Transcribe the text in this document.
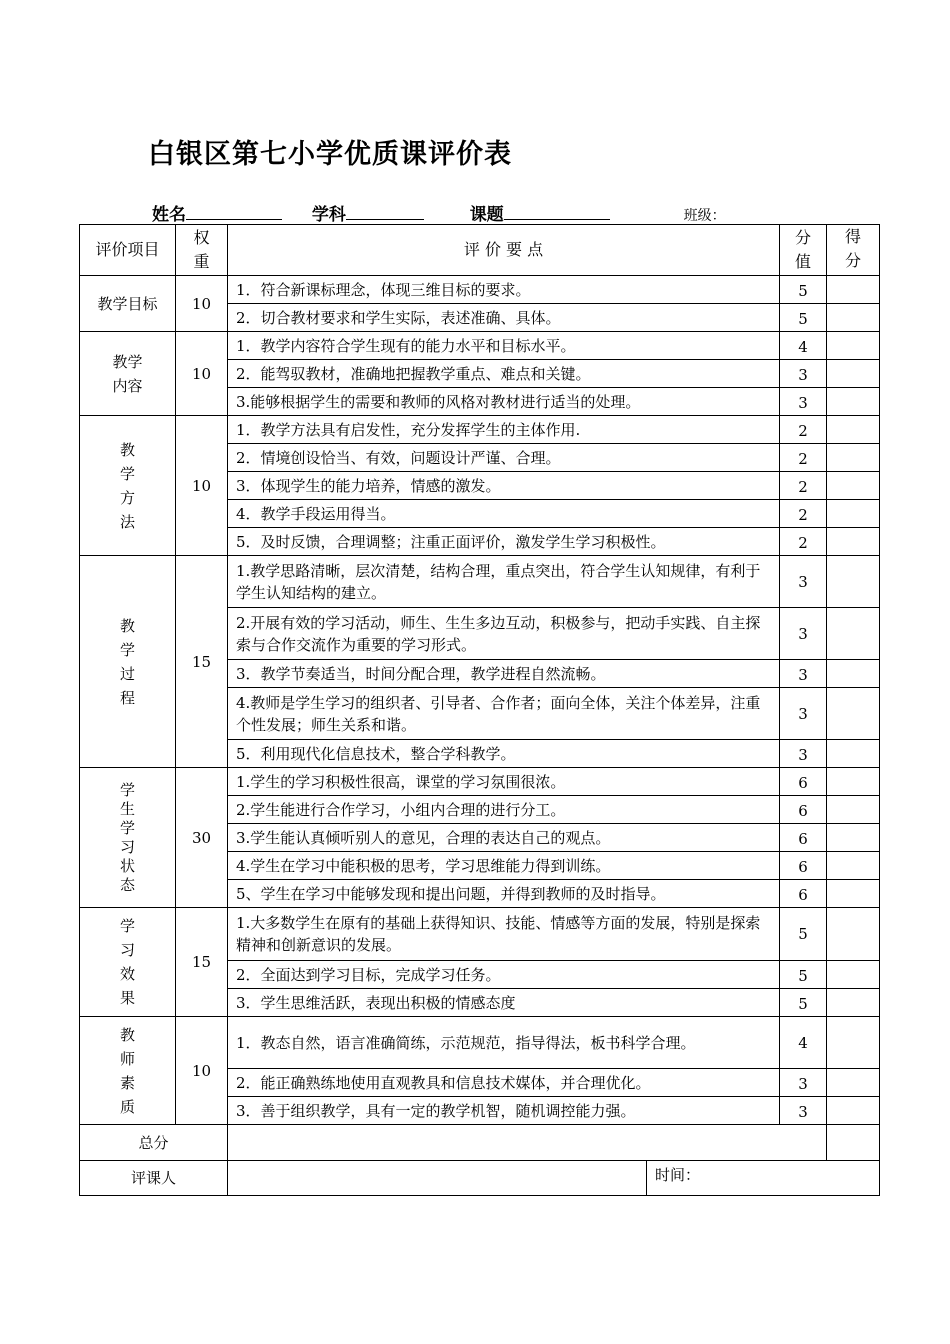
白银区第七小学优质课评价表
姓名	学科	课题	班级：
评价项目	权重	评 价 要 点	分值	得分
教学目标	10	1．符合新课标理念，体现三维目标的要求。	5	
		2．切合教材要求和学生实际，表述准确、具体。	5	
教学内容	10	1．教学内容符合学生现有的能力水平和目标水平。	4	
		2．能驾驭教材，准确地把握教学重点、难点和关键。	3	
		3.能够根据学生的需要和教师的风格对教材进行适当的处理。	3	
教学方法	10	1．教学方法具有启发性，充分发挥学生的主体作用.	2	
		2．情境创设恰当、有效，问题设计严谨、合理。	2	
		3．体现学生的能力培养，情感的激发。	2	
		4．教学手段运用得当。	2	
		5．及时反馈，合理调整；注重正面评价，激发学生学习积极性。	2	
教学过程	15	1.教学思路清晰，层次清楚，结构合理，重点突出，符合学生认知规律，有利于学生认知结构的建立。	3	
		2.开展有效的学习活动，师生、生生多边互动，积极参与，把动手实践、自主探索与合作交流作为重要的学习形式。	3	
		3．教学节奏适当，时间分配合理，教学进程自然流畅。	3	
		4.教师是学生学习的组织者、引导者、合作者；面向全体，关注个体差异，注重个性发展；师生关系和谐。	3	
		5．利用现代化信息技术，整合学科教学。	3	
学生学习状态	30	1.学生的学习积极性很高，课堂的学习氛围很浓。	6	
		2.学生能进行合作学习，小组内合理的进行分工。	6	
		3.学生能认真倾听别人的意见，合理的表达自己的观点。	6	
		4.学生在学习中能积极的思考，学习思维能力得到训练。	6	
		5、学生在学习中能够发现和提出问题，并得到教师的及时指导。	6	
学习效果	15	1.大多数学生在原有的基础上获得知识、技能、情感等方面的发展，特别是探索精神和创新意识的发展。	5	
		2．全面达到学习目标，完成学习任务。	5	
		3．学生思维活跃，表现出积极的情感态度	5	
教师素质	10	1．教态自然，语言准确简练，示范规范，指导得法，板书科学合理。	4	
		2．能正确熟练地使用直观教具和信息技术媒体，并合理优化。	3	
		3．善于组织教学，具有一定的教学机智，随机调控能力强。	3	
总分				
评课人		时间：		
